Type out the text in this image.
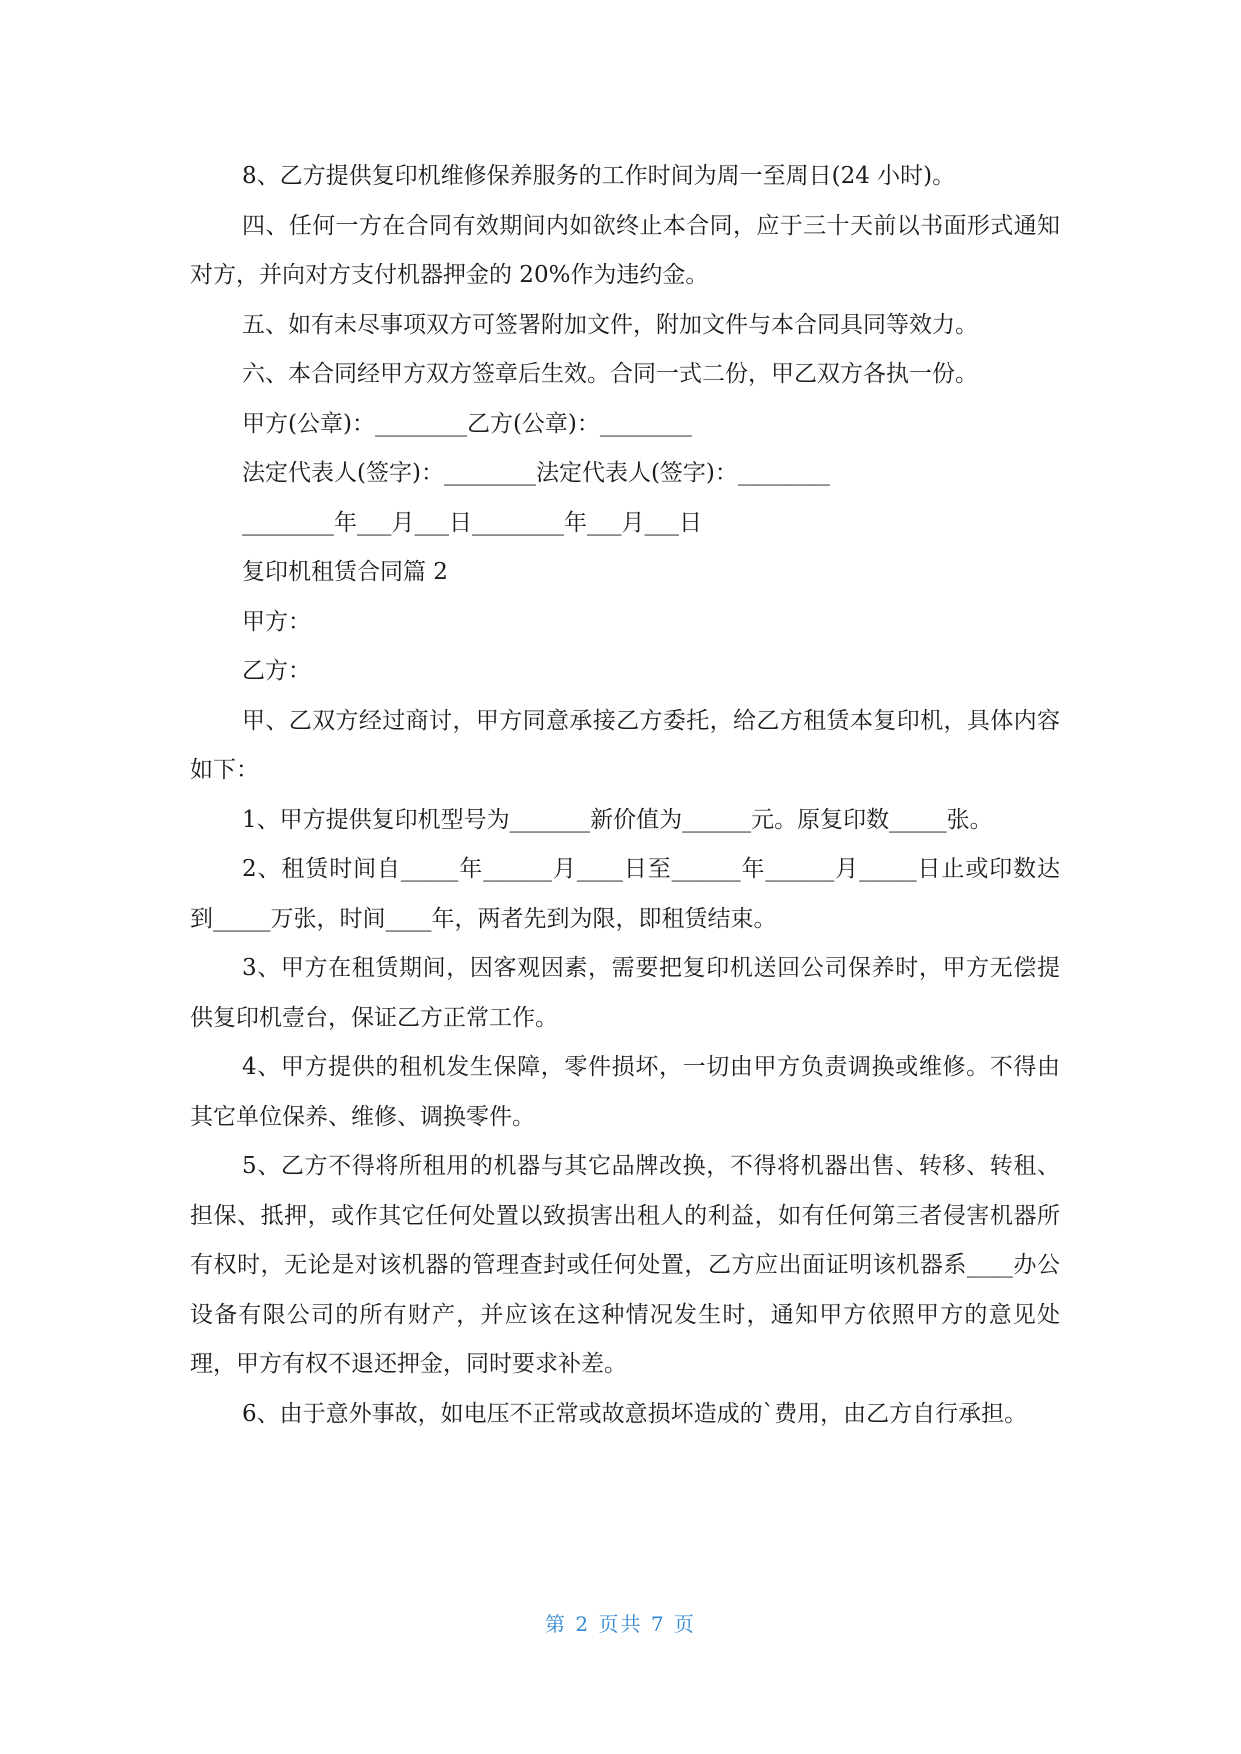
8、乙方提供复印机维修保养服务的工作时间为周一至周日(24 小时)。

四、任何一方在合同有效期间内如欲终止本合同，应于三十天前以书面形式通知对方，并向对方支付机器押金的 20%作为违约金。

五、如有未尽事项双方可签署附加文件，附加文件与本合同具同等效力。

六、本合同经甲方双方签章后生效。合同一式二份，甲乙双方各执一份。

甲方(公章)：________乙方(公章)：________

法定代表人(签字)：________法定代表人(签字)：________

________年___月___日________年___月___日

复印机租赁合同篇 2

甲方：

乙方：

甲、乙双方经过商讨，甲方同意承接乙方委托，给乙方租赁本复印机，具体内容如下：

1、甲方提供复印机型号为_______新价值为______元。原复印数_____张。

2、租赁时间自_____年______月____日至______年______月_____日止或印数达到_____万张，时间____年，两者先到为限，即租赁结束。

3、甲方在租赁期间，因客观因素，需要把复印机送回公司保养时，甲方无偿提供复印机壹台，保证乙方正常工作。

4、甲方提供的租机发生保障，零件损坏，一切由甲方负责调换或维修。不得由其它单位保养、维修、调换零件。

5、乙方不得将所租用的机器与其它品牌改换，不得将机器出售、转移、转租、担保、抵押，或作其它任何处置以致损害出租人的利益，如有任何第三者侵害机器所有权时，无论是对该机器的管理查封或任何处置，乙方应出面证明该机器系____办公设备有限公司的所有财产，并应该在这种情况发生时，通知甲方依照甲方的意见处理，甲方有权不退还押金，同时要求补差。

6、由于意外事故，如电压不正常或故意损坏造成的`费用，由乙方自行承担。

第 2 页共 7 页
